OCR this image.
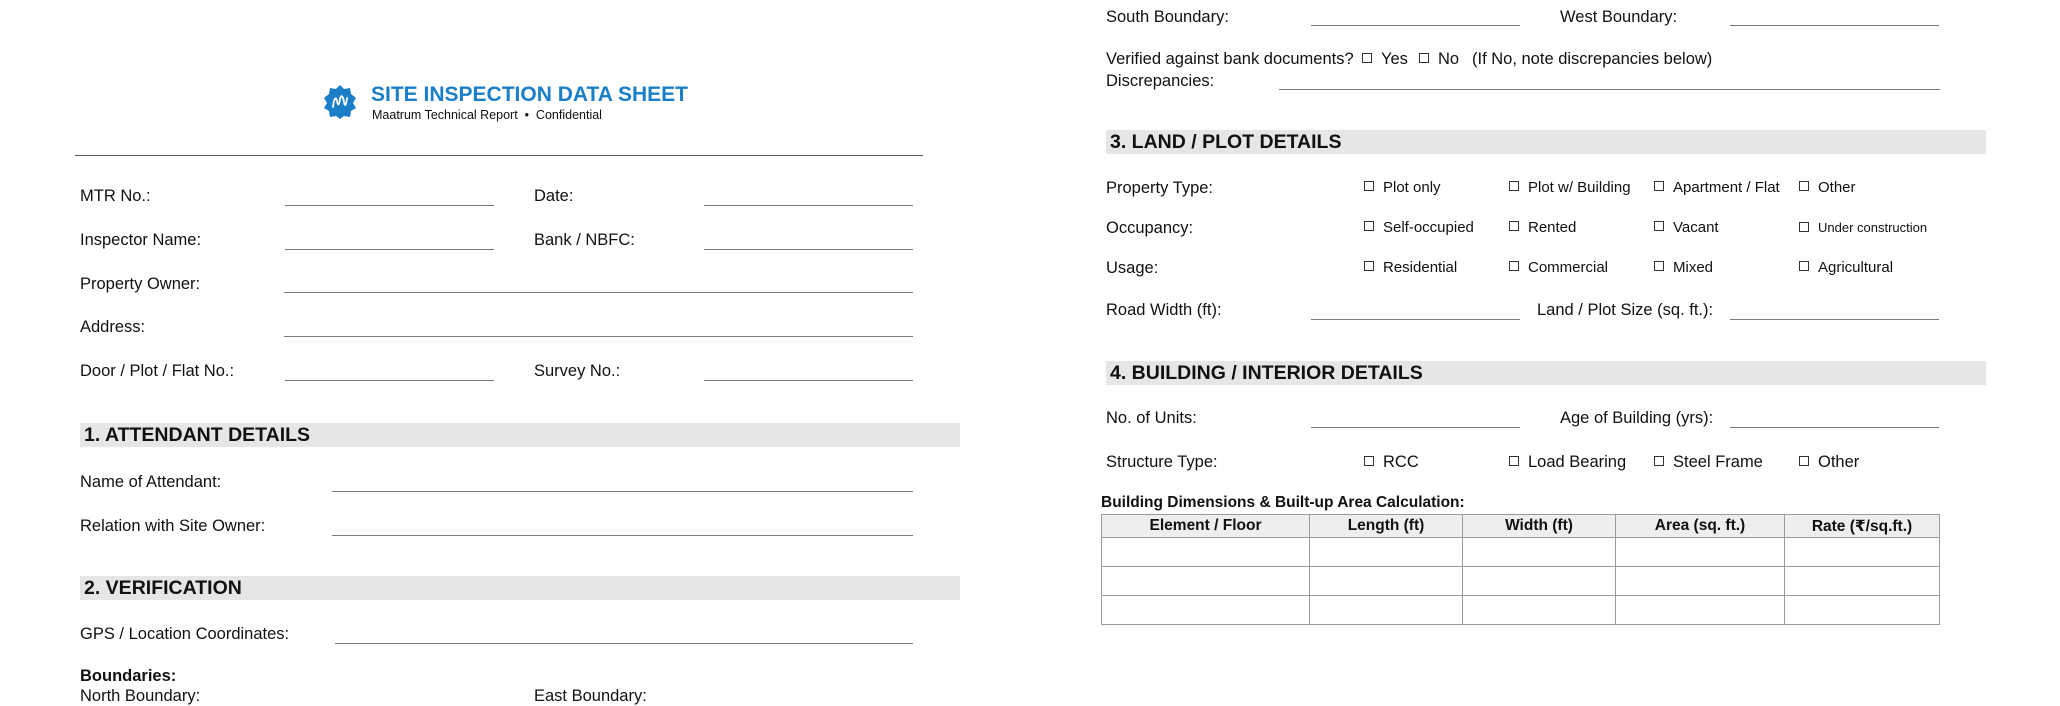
SITE INSPECTION DATA SHEET
Maatrum Technical Report  •  Confidential
MTR No.:	Date:
Inspector Name:	Bank / NBFC:
Property Owner:
Address:
Door / Plot / Flat No.:	Survey No.:
1. ATTENDANT DETAILS
Name of Attendant:
Relation with Site Owner:
2. VERIFICATION
GPS / Location Coordinates:
Boundaries:
North Boundary:	East Boundary:
South Boundary:	West Boundary:
Verified against bank documents?	Yes	No (If No, note discrepancies below)
Discrepancies:
3. LAND / PLOT DETAILS
Property Type:	Plot only	Plot w/ Building	Apartment / Flat	Other
Occupancy:	Self-occupied	Rented	Vacant	Under construction
Usage:	Residential	Commercial	Mixed	Agricultural
Road Width (ft):	Land / Plot Size (sq. ft.):
4. BUILDING / INTERIOR DETAILS
No. of Units:	Age of Building (yrs):
Structure Type:	RCC	Load Bearing	Steel Frame	Other
Building Dimensions & Built-up Area Calculation:
Element / Floor	Length (ft)	Width (ft)	Area (sq. ft.)	Rate (₹/sq.ft.)
